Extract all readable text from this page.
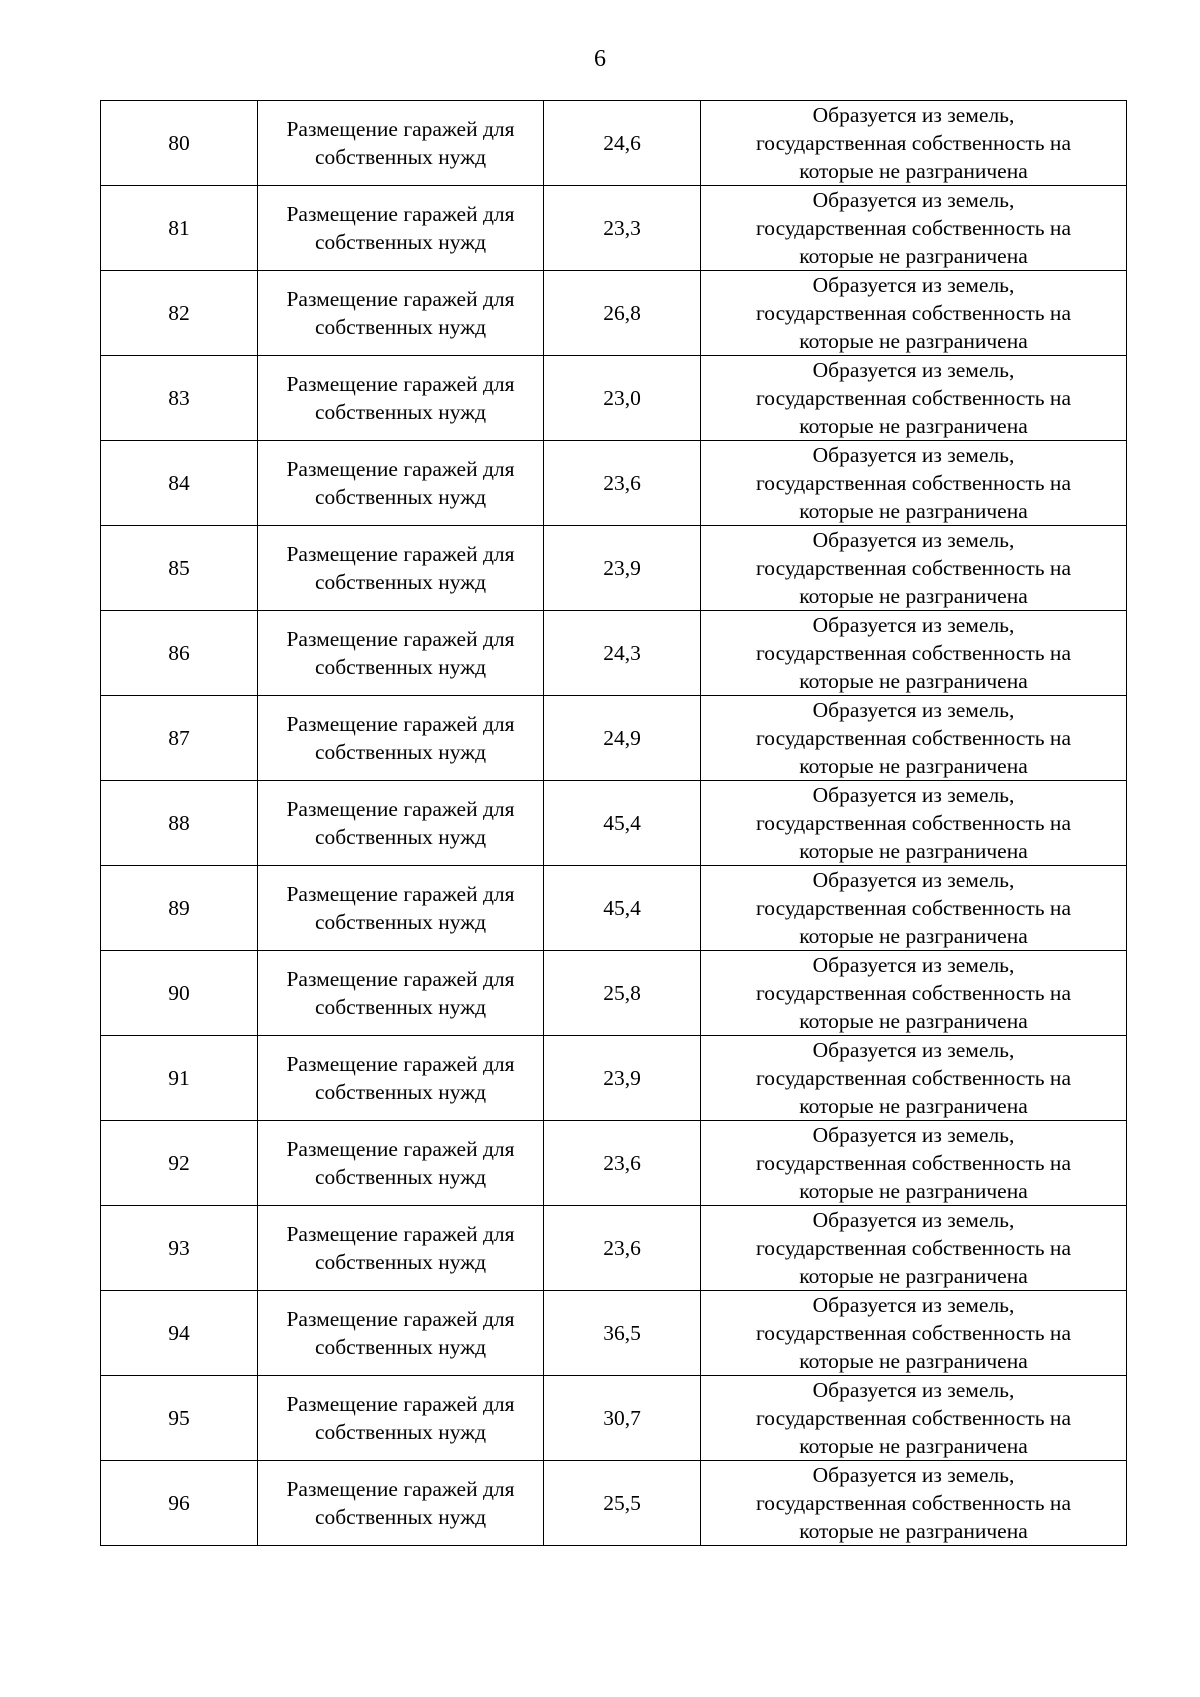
6
80	Размещение гаражей для
собственных нужд	24,6	Образуется из земель,
государственная собственность на
которые не разграничена
81	Размещение гаражей для
собственных нужд	23,3	Образуется из земель,
государственная собственность на
которые не разграничена
82	Размещение гаражей для
собственных нужд	26,8	Образуется из земель,
государственная собственность на
которые не разграничена
83	Размещение гаражей для
собственных нужд	23,0	Образуется из земель,
государственная собственность на
которые не разграничена
84	Размещение гаражей для
собственных нужд	23,6	Образуется из земель,
государственная собственность на
которые не разграничена
85	Размещение гаражей для
собственных нужд	23,9	Образуется из земель,
государственная собственность на
которые не разграничена
86	Размещение гаражей для
собственных нужд	24,3	Образуется из земель,
государственная собственность на
которые не разграничена
87	Размещение гаражей для
собственных нужд	24,9	Образуется из земель,
государственная собственность на
которые не разграничена
88	Размещение гаражей для
собственных нужд	45,4	Образуется из земель,
государственная собственность на
которые не разграничена
89	Размещение гаражей для
собственных нужд	45,4	Образуется из земель,
государственная собственность на
которые не разграничена
90	Размещение гаражей для
собственных нужд	25,8	Образуется из земель,
государственная собственность на
которые не разграничена
91	Размещение гаражей для
собственных нужд	23,9	Образуется из земель,
государственная собственность на
которые не разграничена
92	Размещение гаражей для
собственных нужд	23,6	Образуется из земель,
государственная собственность на
которые не разграничена
93	Размещение гаражей для
собственных нужд	23,6	Образуется из земель,
государственная собственность на
которые не разграничена
94	Размещение гаражей для
собственных нужд	36,5	Образуется из земель,
государственная собственность на
которые не разграничена
95	Размещение гаражей для
собственных нужд	30,7	Образуется из земель,
государственная собственность на
которые не разграничена
96	Размещение гаражей для
собственных нужд	25,5	Образуется из земель,
государственная собственность на
которые не разграничена
